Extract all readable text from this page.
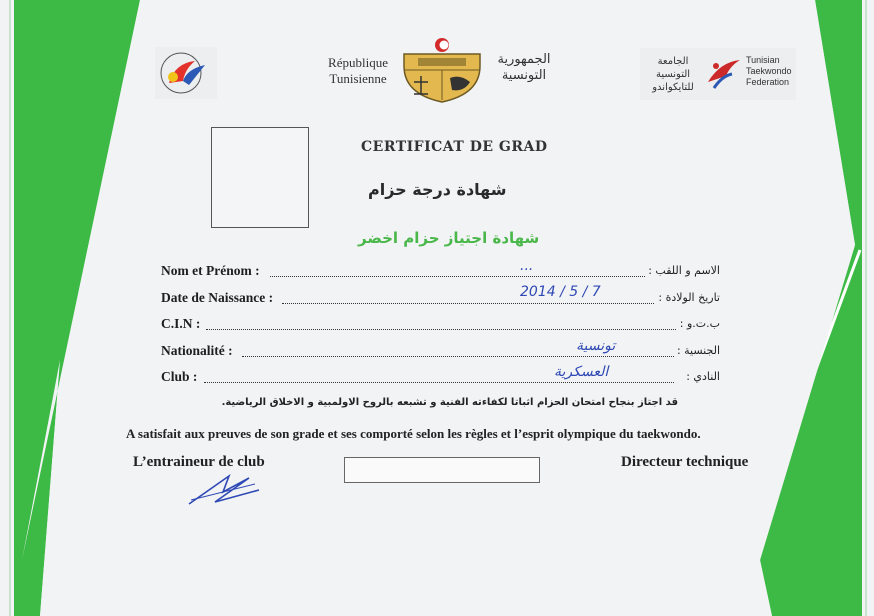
République Tunisienne
الجمهورية التونسية
الجامعة التونسية للتايكواندو
Tunisian Taekwondo Federation
CERTIFICAT DE GRAD
شهادة درجة حزام
شهادة اجتياز حزام اخضر
Nom et Prénom :	...	الاسم و اللقب :
Date de Naissance :	2014 / 5 / 7	تاريخ الولادة :
C.I.N :	ب.ت.و :
Nationalité :	تونسية	الجنسية :
Club :	العسكرية	النادي :
قد اجتاز بنجاح امتحان الحزام اثباتا لكفاءته الفنية و تشبعه بالروح الاولمبية و الاخلاق الرياضية.
A satisfait aux preuves de son grade et ses comporté selon les règles et l’esprit olympique du taekwondo.
L’entraineur de club	Directeur technique
